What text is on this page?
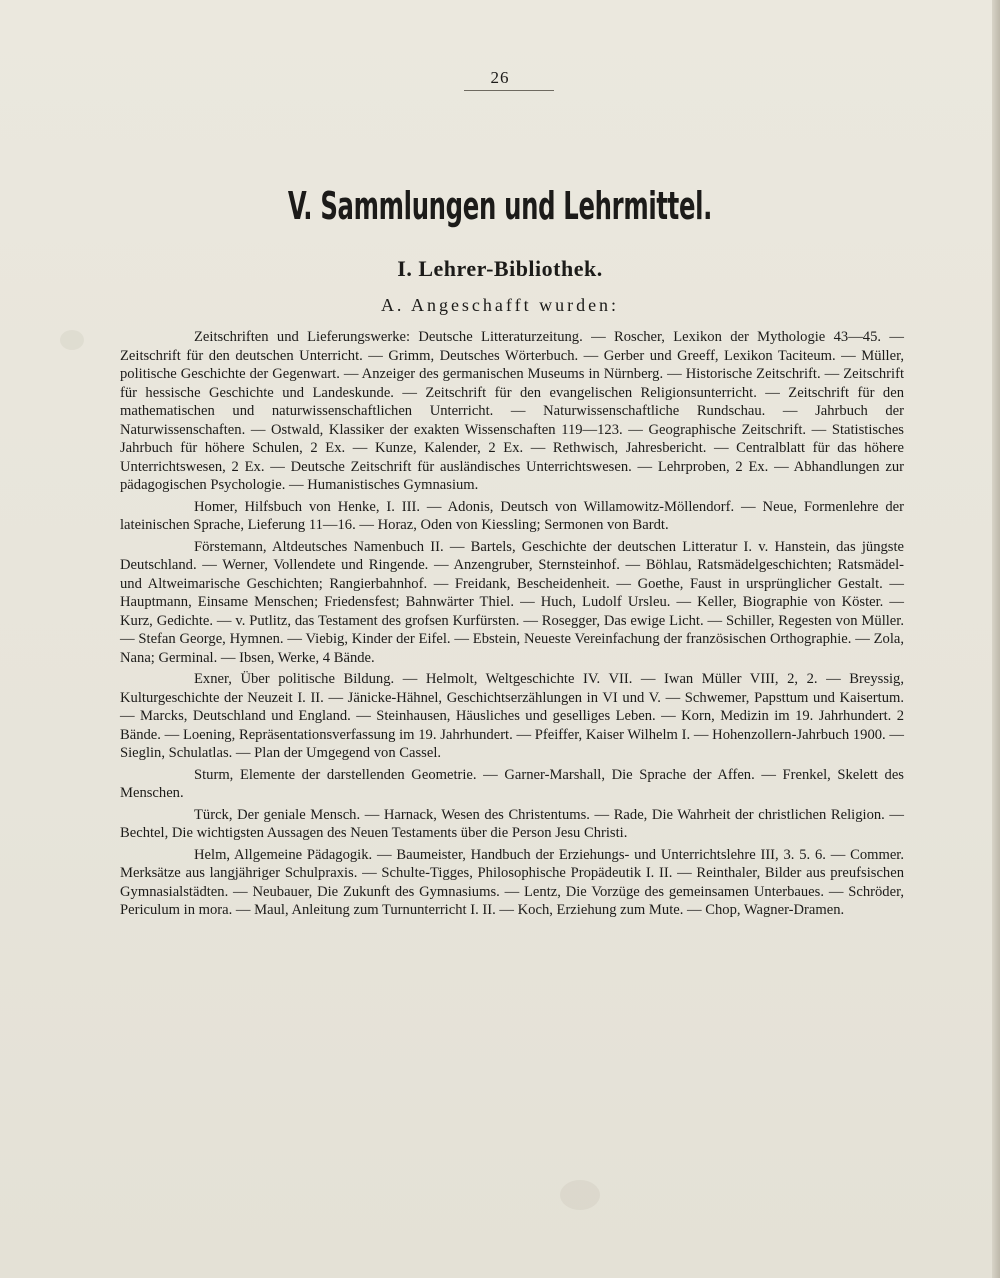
26
V. Sammlungen und Lehrmittel.
I. Lehrer-Bibliothek.
A. Angeschafft wurden:

Zeitschriften und Lieferungswerke: Deutsche Litteraturzeitung. — Roscher, Lexikon der Mythologie 43—45. — Zeitschrift für den deutschen Unterricht. — Grimm, Deutsches Wörterbuch. — Gerber und Greeff, Lexikon Taciteum. — Müller, politische Geschichte der Gegenwart. — Anzeiger des germanischen Museums in Nürnberg. — Historische Zeitschrift. — Zeitschrift für hessische Geschichte und Landeskunde. — Zeitschrift für den evangelischen Religionsunterricht. — Zeitschrift für den mathematischen und naturwissenschaftlichen Unterricht. — Naturwissenschaftliche Rundschau. — Jahrbuch der Naturwissenschaften. — Ostwald, Klassiker der exakten Wissenschaften 119—123. — Geographische Zeitschrift. — Statistisches Jahrbuch für höhere Schulen, 2 Ex. — Kunze, Kalender, 2 Ex. — Rethwisch, Jahresbericht. — Centralblatt für das höhere Unterrichtswesen, 2 Ex. — Deutsche Zeitschrift für ausländisches Unterrichtswesen. — Lehrproben, 2 Ex. — Abhandlungen zur pädagogischen Psychologie. — Humanistisches Gymnasium.

Homer, Hilfsbuch von Henke, I. III. — Adonis, Deutsch von Willamowitz-Möllendorf. — Neue, Formenlehre der lateinischen Sprache, Lieferung 11—16. — Horaz, Oden von Kiessling; Sermonen von Bardt.

Förstemann, Altdeutsches Namenbuch II. — Bartels, Geschichte der deutschen Litteratur I. v. Hanstein, das jüngste Deutschland. — Werner, Vollendete und Ringende. — Anzengruber, Sternsteinhof. — Böhlau, Ratsmädelgeschichten; Ratsmädel- und Altweimarische Geschichten; Rangierbahnhof. — Freidank, Bescheidenheit. — Goethe, Faust in ursprünglicher Gestalt. — Hauptmann, Einsame Menschen; Friedensfest; Bahnwärter Thiel. — Huch, Ludolf Ursleu. — Keller, Biographie von Köster. — Kurz, Gedichte. — v. Putlitz, das Testament des grofsen Kurfürsten. — Rosegger, Das ewige Licht. — Schiller, Regesten von Müller. — Stefan George, Hymnen. — Viebig, Kinder der Eifel. — Ebstein, Neueste Vereinfachung der französischen Orthographie. — Zola, Nana; Germinal. — Ibsen, Werke, 4 Bände.

Exner, Über politische Bildung. — Helmolt, Weltgeschichte IV. VII. — Iwan Müller VIII, 2, 2. — Breyssig, Kulturgeschichte der Neuzeit I. II. — Jänicke-Hähnel, Geschichtserzählungen in VI und V. — Schwemer, Papsttum und Kaisertum. — Marcks, Deutschland und England. — Steinhausen, Häusliches und geselliges Leben. — Korn, Medizin im 19. Jahrhundert. 2 Bände. — Loening, Repräsentationsverfassung im 19. Jahrhundert. — Pfeiffer, Kaiser Wilhelm I. — Hohenzollern-Jahrbuch 1900. — Sieglin, Schulatlas. — Plan der Umgegend von Cassel.

Sturm, Elemente der darstellenden Geometrie. — Garner-Marshall, Die Sprache der Affen. — Frenkel, Skelett des Menschen.

Türck, Der geniale Mensch. — Harnack, Wesen des Christentums. — Rade, Die Wahrheit der christlichen Religion. — Bechtel, Die wichtigsten Aussagen des Neuen Testaments über die Person Jesu Christi.

Helm, Allgemeine Pädagogik. — Baumeister, Handbuch der Erziehungs- und Unterrichtslehre III, 3. 5. 6. — Commer. Merksätze aus langjähriger Schulpraxis. — Schulte-Tigges, Philosophische Propädeutik I. II. — Reinthaler, Bilder aus preufsischen Gymnasialstädten. — Neubauer, Die Zukunft des Gymnasiums. — Lentz, Die Vorzüge des gemeinsamen Unterbaues. — Schröder, Periculum in mora. — Maul, Anleitung zum Turnunterricht I. II. — Koch, Erziehung zum Mute. — Chop, Wagner-Dramen.
